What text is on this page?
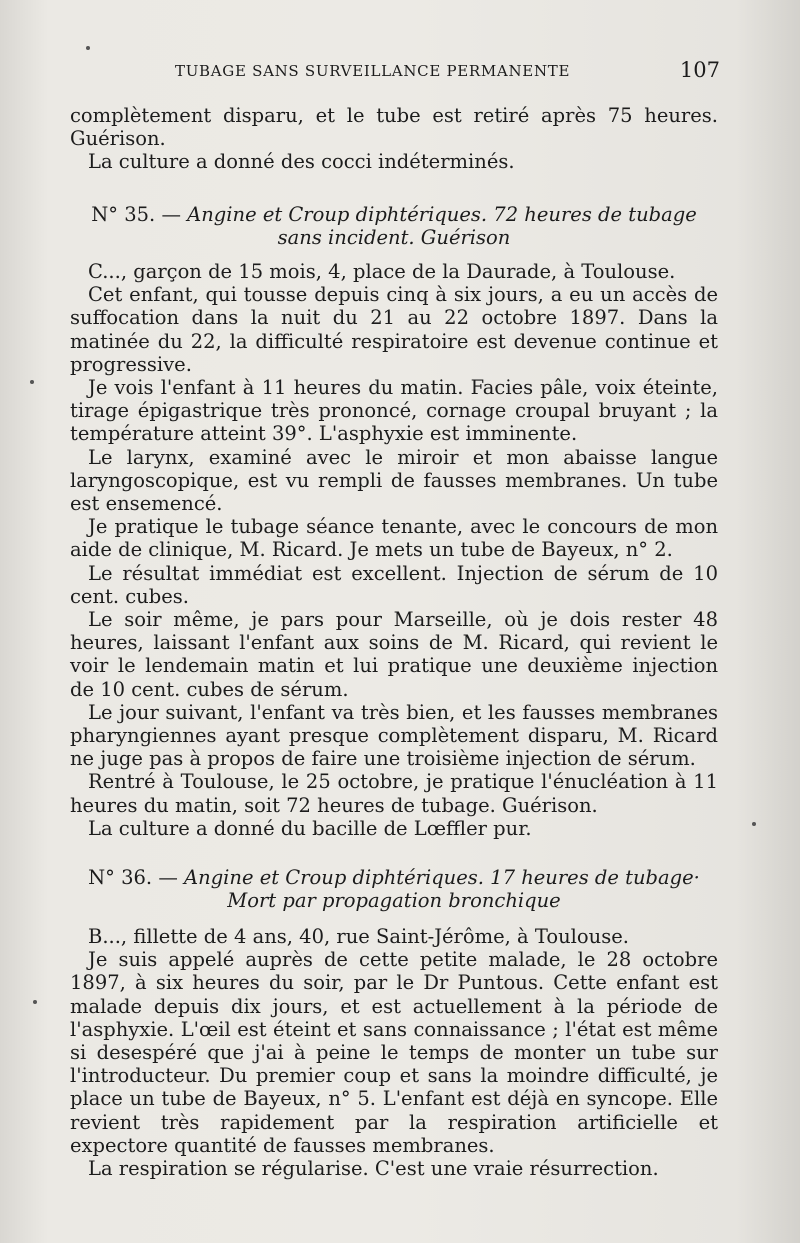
TUBAGE SANS SURVEILLANCE PERMANENTE	107

complètement disparu, et le tube est retiré après 75 heures. Guérison.

La culture a donné des cocci indéterminés.

N° 35. — Angine et Croup diphtériques. 72 heures de tubage sans incident. Guérison

C..., garçon de 15 mois, 4, place de la Daurade, à Toulouse.

Cet enfant, qui tousse depuis cinq à six jours, a eu un accès de suffocation dans la nuit du 21 au 22 octobre 1897. Dans la matinée du 22, la difficulté respiratoire est devenue continue et progressive.

Je vois l'enfant à 11 heures du matin. Facies pâle, voix éteinte, tirage épigastrique très prononcé, cornage croupal bruyant ; la température atteint 39°. L'asphyxie est imminente.

Le larynx, examiné avec le miroir et mon abaisse langue laryngoscopique, est vu rempli de fausses membranes. Un tube est ensemencé.

Je pratique le tubage séance tenante, avec le concours de mon aide de clinique, M. Ricard. Je mets un tube de Bayeux, n° 2.

Le résultat immédiat est excellent. Injection de sérum de 10 cent. cubes.

Le soir même, je pars pour Marseille, où je dois rester 48 heures, laissant l'enfant aux soins de M. Ricard, qui revient le voir le lendemain matin et lui pratique une deuxième injection de 10 cent. cubes de sérum.

Le jour suivant, l'enfant va très bien, et les fausses membranes pharyngiennes ayant presque complètement disparu, M. Ricard ne juge pas à propos de faire une troisième injection de sérum.

Rentré à Toulouse, le 25 octobre, je pratique l'énucléation à 11 heures du matin, soit 72 heures de tubage. Guérison.

La culture a donné du bacille de Lœffler pur.

N° 36. — Angine et Croup diphtériques. 17 heures de tubage· Mort par propagation bronchique

B..., fillette de 4 ans, 40, rue Saint-Jérôme, à Toulouse.

Je suis appelé auprès de cette petite malade, le 28 octobre 1897, à six heures du soir, par le Dr Puntous. Cette enfant est malade depuis dix jours, et est actuellement à la période de l'asphyxie. L'œil est éteint et sans connaissance ; l'état est même si desespéré que j'ai à peine le temps de monter un tube sur l'introducteur. Du premier coup et sans la moindre difficulté, je place un tube de Bayeux, n° 5. L'enfant est déjà en syncope. Elle revient très rapidement par la respiration artificielle et expectore quantité de fausses membranes.

La respiration se régularise. C'est une vraie résurrection.
